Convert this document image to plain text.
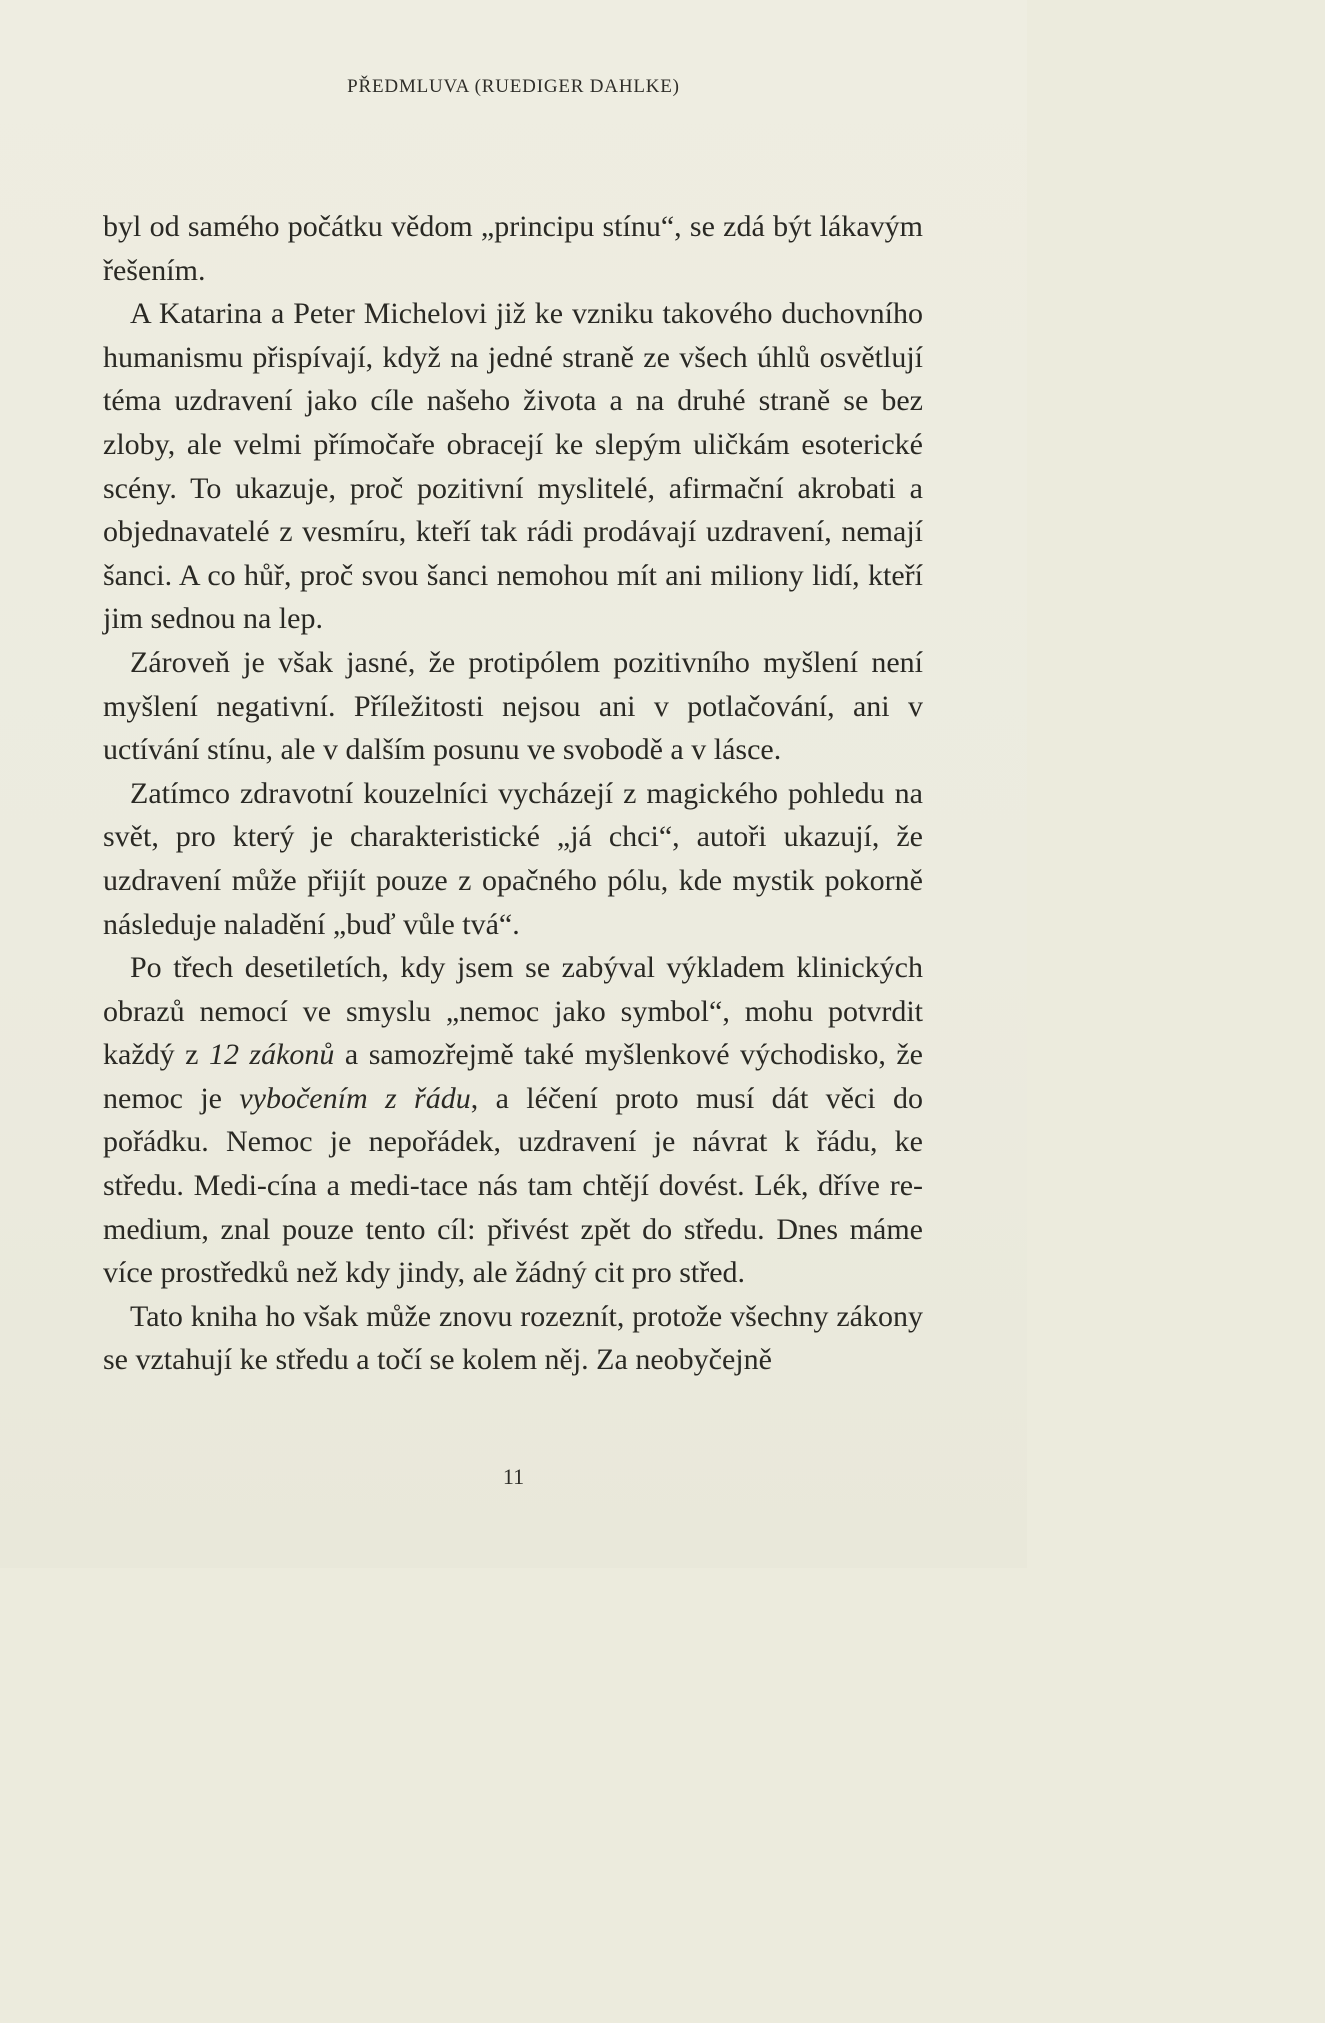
PŘEDMLUVA (RUEDIGER DAHLKE)

byl od samého počátku vědom „principu stínu“, se zdá být lákavým řešením.

A Katarina a Peter Michelovi již ke vzniku takového duchovního humanismu přispívají, když na jedné straně ze všech úhlů osvětlují téma uzdravení jako cíle našeho života a na druhé straně se bez zloby, ale velmi přímočaře obracejí ke slepým uličkám esoterické scény. To ukazuje, proč pozitivní myslitelé, afirmační akrobati a objednavatelé z vesmíru, kteří tak rádi prodávají uzdravení, nemají šanci. A co hůř, proč svou šanci nemohou mít ani miliony lidí, kteří jim sednou na lep.

Zároveň je však jasné, že protipólem pozitivního myšlení není myšlení negativní. Příležitosti nejsou ani v potlačování, ani v uctívání stínu, ale v dalším posunu ve svobodě a v lásce.

Zatímco zdravotní kouzelníci vycházejí z magického pohledu na svět, pro který je charakteristické „já chci“, autoři ukazují, že uzdravení může přijít pouze z opačného pólu, kde mystik pokorně následuje naladění „buď vůle tvá“.

Po třech desetiletích, kdy jsem se zabýval výkladem klinických obrazů nemocí ve smyslu „nemoc jako symbol“, mohu potvrdit každý z 12 zákonů a samozřejmě také myšlenkové východisko, že nemoc je vybočením z řádu, a léčení proto musí dát věci do pořádku. Nemoc je nepořádek, uzdravení je návrat k řádu, ke středu. Medi-cína a medi-tace nás tam chtějí dovést. Lék, dříve re-medium, znal pouze tento cíl: přivést zpět do středu. Dnes máme více prostředků než kdy jindy, ale žádný cit pro střed.

Tato kniha ho však může znovu rozeznít, protože všechny zákony se vztahují ke středu a točí se kolem něj. Za neobyčejně

11
